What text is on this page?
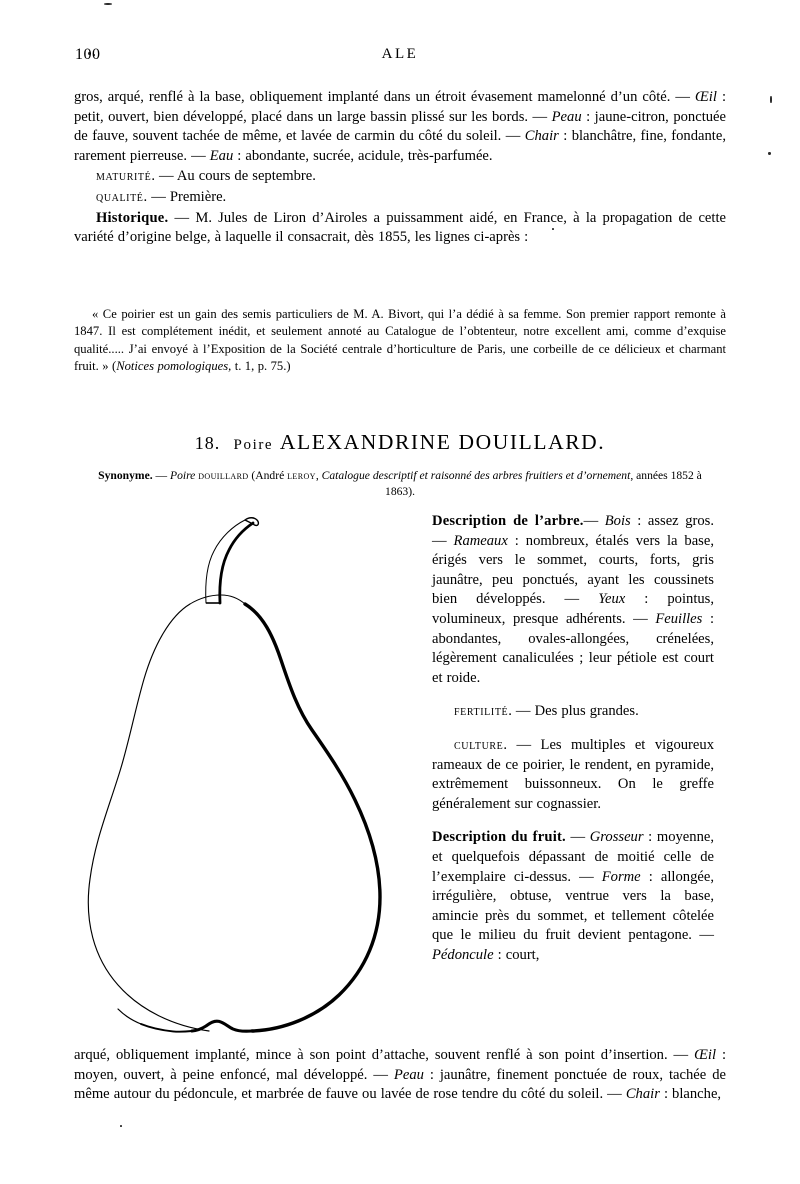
100	ALE

gros, arqué, renflé à la base, obliquement implanté dans un étroit évasement mamelonné d’un côté. — Œil : petit, ouvert, bien développé, placé dans un large bassin plissé sur les bords. — Peau : jaune-citron, ponctuée de fauve, souvent tachée de même, et lavée de carmin du côté du soleil. — Chair : blanchâtre, fine, fondante, rarement pierreuse. — Eau : abondante, sucrée, acidule, très-parfumée.

maturité. — Au cours de septembre.

qualité. — Première.

Historique. — M. Jules de Liron d’Airoles a puissamment aidé, en France, à la propagation de cette variété d’origine belge, à laquelle il consacrait, dès 1855, les lignes ci-après :

« Ce poirier est un gain des semis particuliers de M. A. Bivort, qui l’a dédié à sa femme. Son premier rapport remonte à 1847. Il est complétement inédit, et seulement annoté au Catalogue de l’obtenteur, notre excellent ami, comme d’exquise qualité..... J’ai envoyé à l’Exposition de la Société centrale d’horticulture de Paris, une corbeille de ce délicieux et charmant fruit. » (Notices pomologiques, t. 1, p. 75.)

18. Poire ALEXANDRINE DOUILLARD.
Synonyme. — Poire douillard (André leroy, Catalogue descriptif et raisonné des arbres fruitiers et d’ornement, années 1852 à 1863).

Description de l’arbre.— Bois : assez gros. — Rameaux : nombreux, étalés vers la base, érigés vers le sommet, courts, forts, gris jaunâtre, peu ponctués, ayant les coussinets bien développés. — Yeux : pointus, volumineux, presque adhérents. — Feuilles : abondantes, ovales-allongées, crénelées, légèrement canaliculées ; leur pétiole est court et roide.

fertilité. — Des plus grandes.

culture. — Les multiples et vigoureux rameaux de ce poirier, le rendent, en pyramide, extrêmement buissonneux. On le greffe généralement sur cognassier.

Description du fruit. — Grosseur : moyenne, et quelquefois dépassant de moitié celle de l’exemplaire ci-dessus. — Forme : allongée, irrégulière, obtuse, ventrue vers la base, amincie près du sommet, et tellement côtelée que le milieu du fruit devient pentagone. — Pédoncule : court,

arqué, obliquement implanté, mince à son point d’attache, souvent renflé à son point d’insertion. — Œil : moyen, ouvert, à peine enfoncé, mal développé. — Peau : jaunâtre, finement ponctuée de roux, tachée de même autour du pédoncule, et marbrée de fauve ou lavée de rose tendre du côté du soleil. — Chair : blanche,
